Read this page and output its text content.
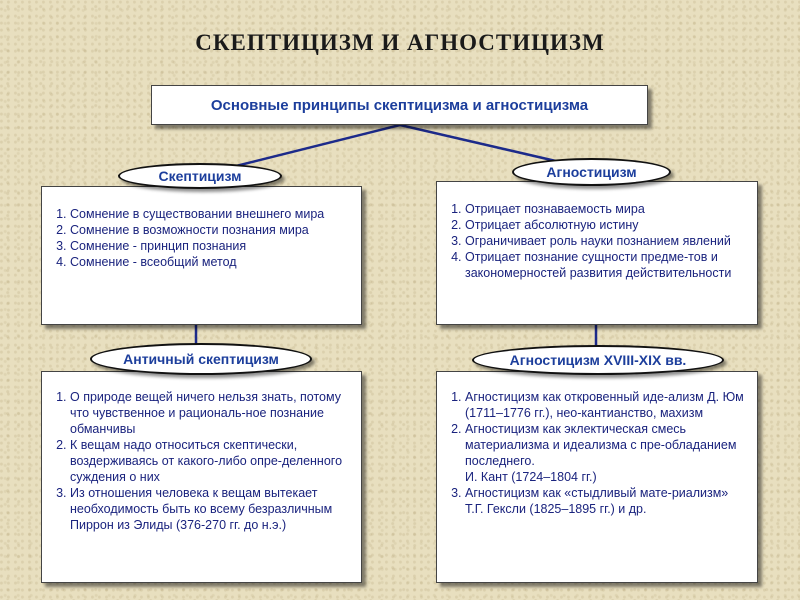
СКЕПТИЦИЗМ И АГНОСТИЦИЗМ
Основные принципы скептицизма и агностицизма
1. Сомнение в существовании внешнего мира
2. Сомнение в возможности познания мира
3. Сомнение - принцип познания
4. Сомнение - всеобщий метод
Скептицизм
1. Отрицает познаваемость мира
2. Отрицает абсолютную истину
3. Ограничивает роль науки познанием явлений
4. Отрицает познание сущности предме-тов и закономерностей развития действительности
Агностицизм
1. О природе вещей ничего нельзя знать, потому что чувственное и рациональ-ное познание обманчивы
2. К вещам надо относиться скептически, воздерживаясь от какого-либо опре-деленного суждения о них
3. Из отношения человека к вещам вытекает необходимость быть ко всему безразличным
Пиррон из Элиды (376-270 гг. до н.э.)
Античный скептицизм
1. Агностицизм как откровенный иде-ализм Д. Юм (1711–1776 гг.), нео-кантианство, махизм
2. Агностицизм как эклектическая смесь материализма и идеализма с пре-обладанием последнего.
И. Кант (1724–1804 гг.)
3. Агностицизм как «стыдливый мате-риализм»
Т.Г. Гексли (1825–1895 гг.) и др.
Агностицизм XVIII-XIX вв.
